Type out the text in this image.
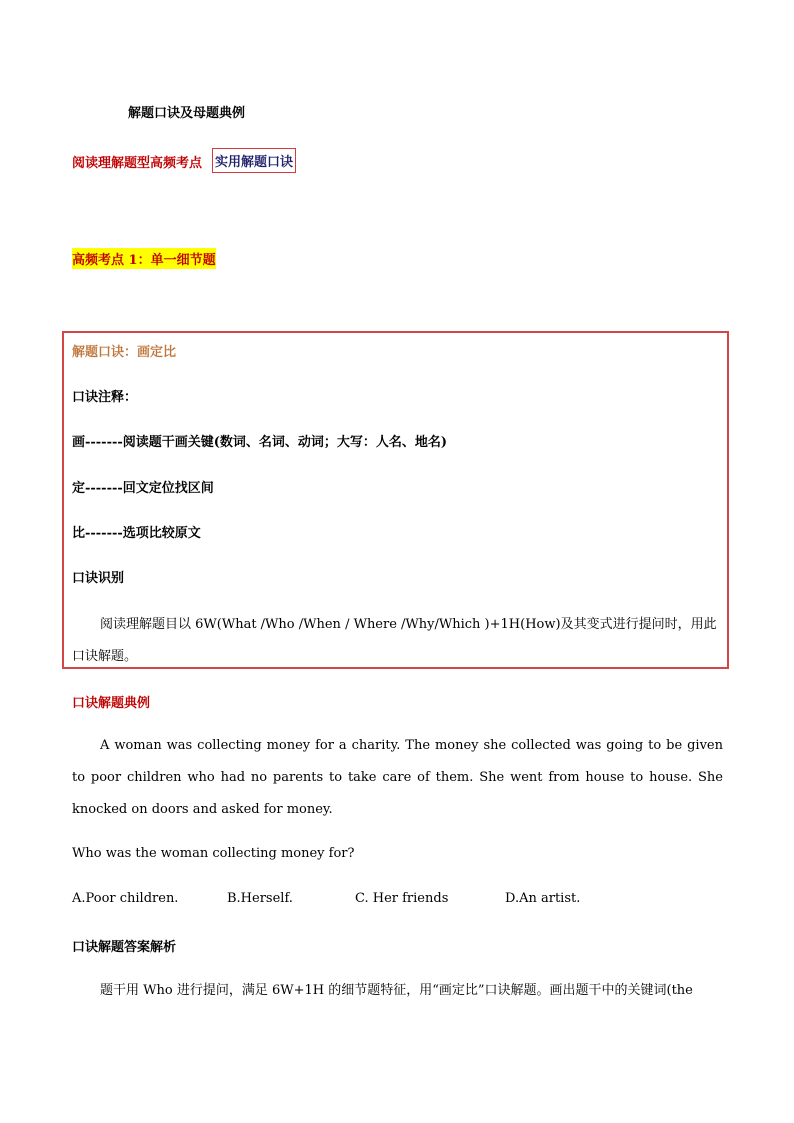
解题口诀及母题典例
阅读理解题型高频考点 实用解题口诀
高频考点 1：单一细节题
解题口诀：画定比
口诀注释：
画-------阅读题干画关键(数词、名词、动词；大写：人名、地名)
定-------回文定位找区间
比-------选项比较原文
口诀识别
阅读理解题目以 6W(What /Who /When / Where /Why/Which )+1H(How)及其变式进行提问时，用此口诀解题。
口诀解题典例
A woman was collecting money for a charity. The money she collected was going to be given to poor children who had no parents to take care of them. She went from house to house. She knocked on doors and asked for money.
Who was the woman collecting money for?
A.Poor children.	B.Herself.	C. Her friends	D.An artist.
口诀解题答案解析
题干用 Who 进行提问，满足 6W+1H 的细节题特征，用“画定比”口诀解题。画出题干中的关键词(the
